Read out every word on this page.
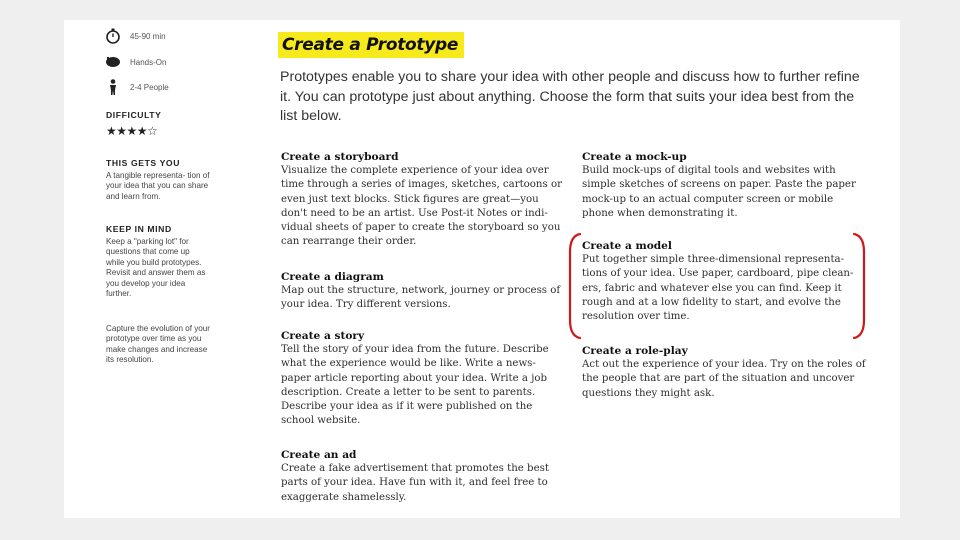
45-90 min
Hands-On
2-4 People
DIFFICULTY
★★★★☆
THIS GETS YOU

A tangible representa- tion of your idea that you can share and learn from.

KEEP IN MIND

Keep a "parking lot" for questions that come up while you build prototypes. Revisit and answer them as you develop your idea further.

Capture the evolution of your prototype over time as you make changes and increase its resolution.

Create a Prototype

Prototypes enable you to share your idea with other people and discuss how to further refine it. You can prototype just about anything. Choose the form that suits your idea best from the list below.

Create a storyboard

Visualize the complete experience of your idea over time through a series of images, sketches, cartoons or even just text blocks. Stick figures are great—you don't need to be an artist. Use Post-it Notes or indi- vidual sheets of paper to create the storyboard so you can rearrange their order.

Create a diagram

Map out the structure, network, journey or process of your idea. Try different versions.

Create a story

Tell the story of your idea from the future. Describe what the experience would be like. Write a news- paper article reporting about your idea. Write a job description. Create a letter to be sent to parents. Describe your idea as if it were published on the school website.

Create an ad

Create a fake advertisement that promotes the best parts of your idea. Have fun with it, and feel free to exaggerate shamelessly.

Create a mock-up

Build mock-ups of digital tools and websites with simple sketches of screens on paper. Paste the paper mock-up to an actual computer screen or mobile phone when demonstrating it.

Create a model

Put together simple three-dimensional representa- tions of your idea. Use paper, cardboard, pipe clean- ers, fabric and whatever else you can find. Keep it rough and at a low fidelity to start, and evolve the resolution over time.

Create a role-play

Act out the experience of your idea. Try on the roles of the people that are part of the situation and uncover questions they might ask.
